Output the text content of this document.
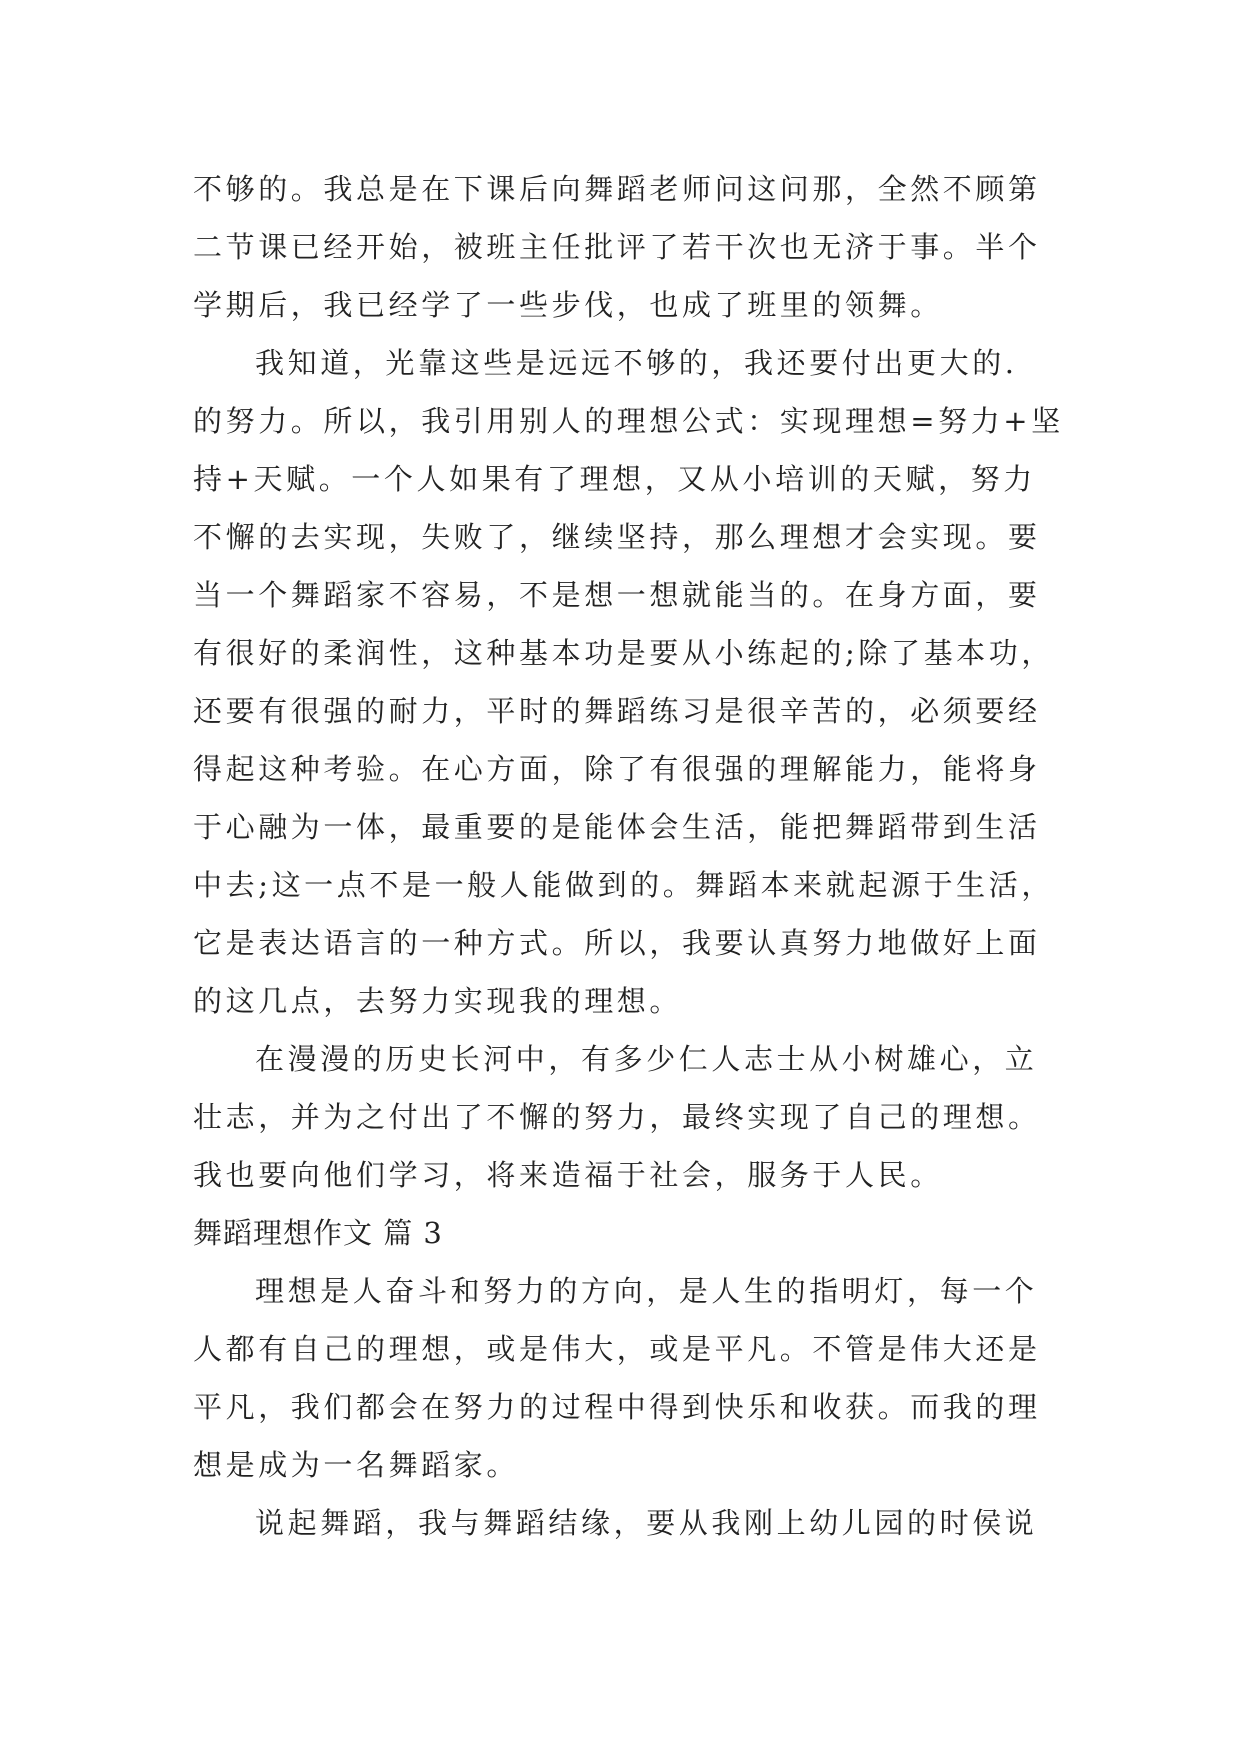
不够的。我总是在下课后向舞蹈老师问这问那，全然不顾第
二节课已经开始，被班主任批评了若干次也无济于事。半个
学期后，我已经学了一些步伐，也成了班里的领舞。
我知道，光靠这些是远远不够的，我还要付出更大的.
的努力。所以，我引用别人的理想公式：实现理想=努力+坚
持+天赋。一个人如果有了理想，又从小培训的天赋，努力
不懈的去实现，失败了，继续坚持，那么理想才会实现。要
当一个舞蹈家不容易，不是想一想就能当的。在身方面，要
有很好的柔润性，这种基本功是要从小练起的;除了基本功，
还要有很强的耐力，平时的舞蹈练习是很辛苦的，必须要经
得起这种考验。在心方面，除了有很强的理解能力，能将身
于心融为一体，最重要的是能体会生活，能把舞蹈带到生活
中去;这一点不是一般人能做到的。舞蹈本来就起源于生活，
它是表达语言的一种方式。所以，我要认真努力地做好上面
的这几点，去努力实现我的理想。
在漫漫的历史长河中，有多少仁人志士从小树雄心，立
壮志，并为之付出了不懈的努力，最终实现了自己的理想。
我也要向他们学习，将来造福于社会，服务于人民。
舞蹈理想作文 篇 3
理想是人奋斗和努力的方向，是人生的指明灯，每一个
人都有自己的理想，或是伟大，或是平凡。不管是伟大还是
平凡，我们都会在努力的过程中得到快乐和收获。而我的理
想是成为一名舞蹈家。
说起舞蹈，我与舞蹈结缘，要从我刚上幼儿园的时侯说
